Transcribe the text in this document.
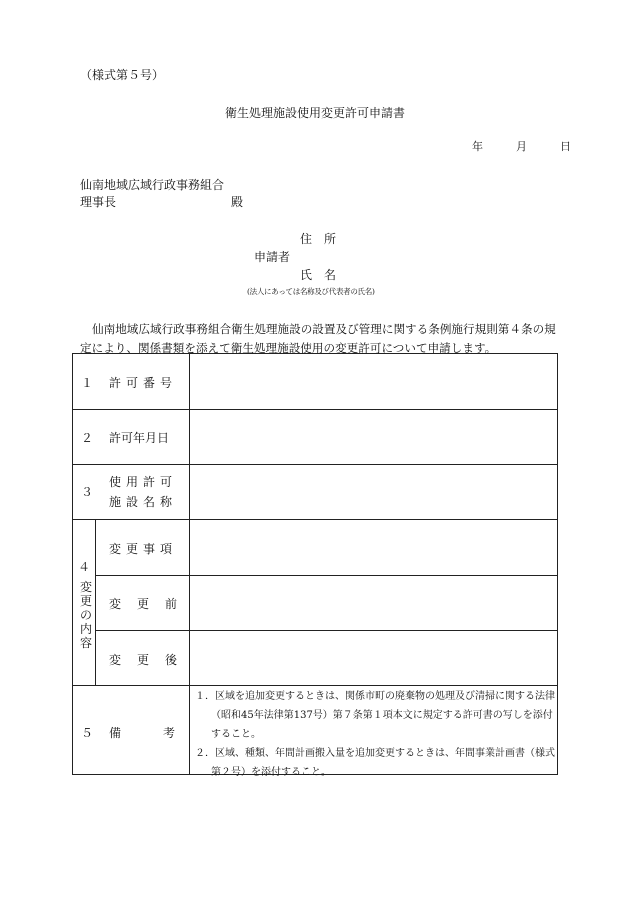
（様式第５号）
衛生処理施設使用変更許可申請書
年	月	日
仙南地域広域行政事務組合
理事長	殿
住　所
申請者
氏　名
(法人にあっては名称及び代表者の氏名)
仙南地域広域行政事務組合衛生処理施設の設置及び管理に関する条例施行規則第４条の規定により、関係書類を添えて衛生処理施設使用の変更許可について申請します。
１ 許可番号
２ 許可年月日
３
使用許可
施設名称
４
変更の内容
変更事項
変更前
変更後
５ 備	考
１．区域を追加変更するときは、関係市町の廃棄物の処理及び清掃に関する法律（昭和45年法律第137号）第７条第１項本文に規定する許可書の写しを添付すること。
２．区域、種類、年間計画搬入量を追加変更するときは、年間事業計画書（様式第２号）を添付すること。
